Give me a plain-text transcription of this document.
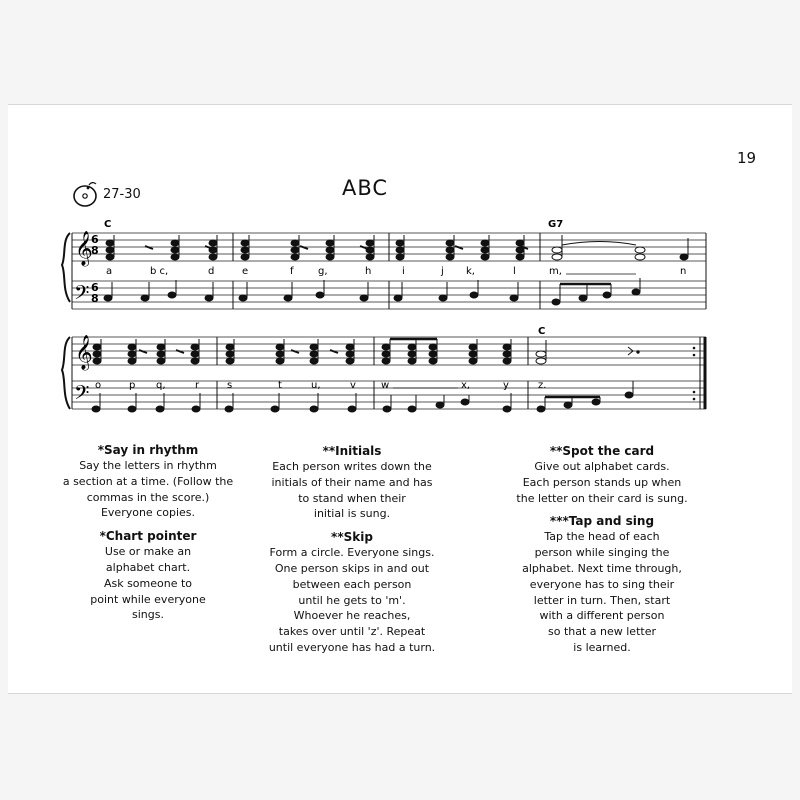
19
27-30	ABC
𝄞
𝄢
6
8
6
8
C	G7
a	b c,	d	e	f g,	h	i	j k,	l	m,	n
𝄞
𝄢
C
o	p q,	r	s	t	u,	v	w	x,	y	z.
*Say in rhythm

Say the letters in rhythm
a section at a time. (Follow the
commas in the score.)
Everyone copies.

*Chart pointer

Use or make an
alphabet chart.
Ask someone to
point while everyone
sings.

**Initials

Each person writes down the
initials of their name and has
to stand when their
initial is sung.

**Skip

Form a circle. Everyone sings.
One person skips in and out
between each person
until he gets to 'm'.
Whoever he reaches,
takes over until 'z'. Repeat
until everyone has had a turn.

**Spot the card

Give out alphabet cards.
Each person stands up when
the letter on their card is sung.

***Tap and sing

Tap the head of each
person while singing the
alphabet. Next time through,
everyone has to sing their
letter in turn. Then, start
with a different person
so that a new letter
is learned.
